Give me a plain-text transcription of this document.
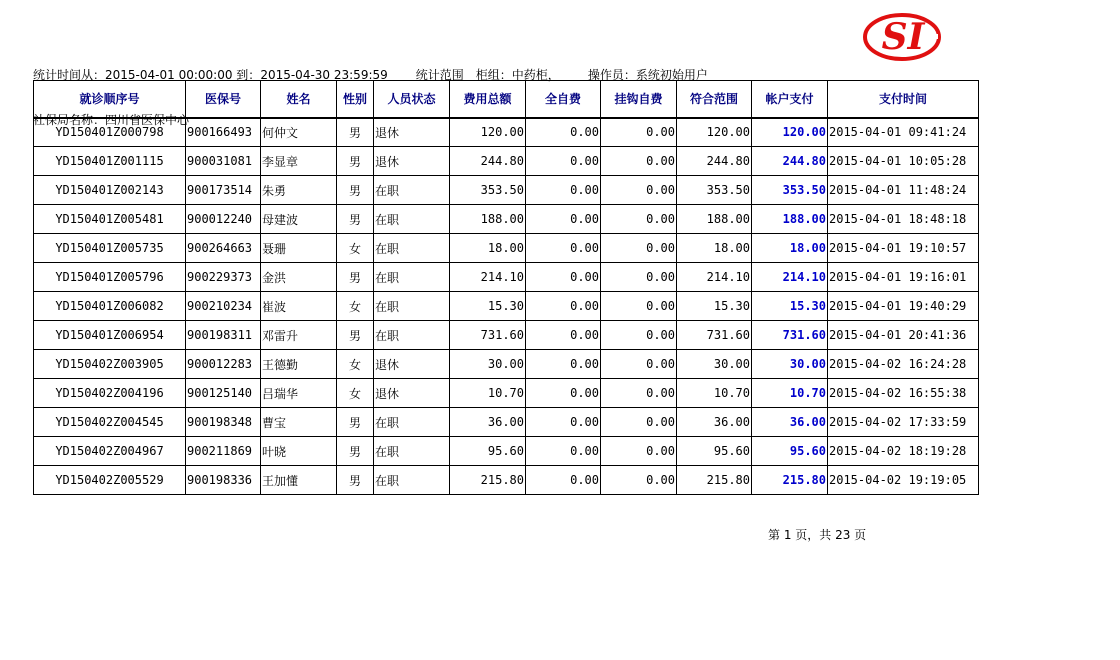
统计时间从：2015-04-01 00:00:00 到：2015-04-30 23:59:59 统计范围 柜组：中药柜， 操作员：系统初始用户

社保局名称：四川省医保中心

SI
就诊顺序号	医保号	姓名	性别	人员状态	费用总额	全自费	挂钩自费	符合范围	帐户支付	支付时间
YD150401Z000798	900166493	何仲文	男	退休	120.00	0.00	0.00	120.00	120.00	2015-04-01 09:41:24
YD150401Z001115	900031081	李显章	男	退休	244.80	0.00	0.00	244.80	244.80	2015-04-01 10:05:28
YD150401Z002143	900173514	朱勇	男	在职	353.50	0.00	0.00	353.50	353.50	2015-04-01 11:48:24
YD150401Z005481	900012240	母建波	男	在职	188.00	0.00	0.00	188.00	188.00	2015-04-01 18:48:18
YD150401Z005735	900264663	聂珊	女	在职	18.00	0.00	0.00	18.00	18.00	2015-04-01 19:10:57
YD150401Z005796	900229373	金洪	男	在职	214.10	0.00	0.00	214.10	214.10	2015-04-01 19:16:01
YD150401Z006082	900210234	崔波	女	在职	15.30	0.00	0.00	15.30	15.30	2015-04-01 19:40:29
YD150401Z006954	900198311	邓雷升	男	在职	731.60	0.00	0.00	731.60	731.60	2015-04-01 20:41:36
YD150402Z003905	900012283	王德勤	女	退休	30.00	0.00	0.00	30.00	30.00	2015-04-02 16:24:28
YD150402Z004196	900125140	吕瑞华	女	退休	10.70	0.00	0.00	10.70	10.70	2015-04-02 16:55:38
YD150402Z004545	900198348	曹宝	男	在职	36.00	0.00	0.00	36.00	36.00	2015-04-02 17:33:59
YD150402Z004967	900211869	叶晓	男	在职	95.60	0.00	0.00	95.60	95.60	2015-04-02 18:19:28
YD150402Z005529	900198336	王加懂	男	在职	215.80	0.00	0.00	215.80	215.80	2015-04-02 19:19:05
第 1 页，共 23 页
